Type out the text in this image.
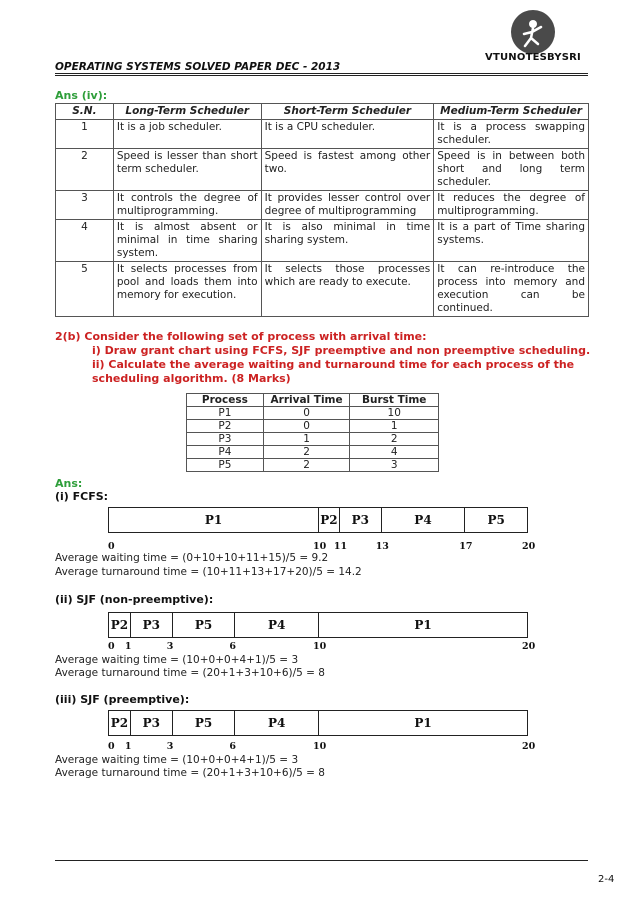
VTUNOTESBYSRI
OPERATING SYSTEMS SOLVED PAPER DEC - 2013
Ans (iv):
S.N.	Long-Term Scheduler	Short-Term Scheduler	Medium-Term Scheduler
1	It is a job scheduler.	It is a CPU scheduler.	It is a process swapping scheduler.
2	Speed is lesser than short term scheduler.	Speed is fastest among other two.	Speed is in between both short and long term scheduler.
3	It controls the degree of multiprogramming.	It provides lesser control over degree of multiprogramming	It reduces the degree of multiprogramming.
4	It is almost absent or minimal in time sharing system.	It is also minimal in time sharing system.	It is a part of Time sharing systems.
5	It selects processes from pool and loads them into memory for execution.	It selects those processes which are ready to execute.	It can re-introduce the process into memory and execution can be continued.
2(b) Consider the following set of process with arrival time:
i) Draw grant chart using FCFS, SJF preemptive and non preemptive scheduling.
ii) Calculate the average waiting and turnaround time for each process of the
scheduling algorithm. (8 Marks)
Process	Arrival Time	Burst Time
P1	0	10
P2	0	1
P3	1	2
P4	2	4
P5	2	3
Ans:
(i) FCFS:
P1	P2	P3	P4	P5
0	10 11	13	17	20
Average waiting time = (0+10+10+11+15)/5 = 9.2
Average turnaround time = (10+11+13+17+20)/5 = 14.2
(ii) SJF (non-preemptive):
P2	P3	P5	P4	P1
0 1	3	6	10	20
Average waiting time = (10+0+0+4+1)/5 = 3
Average turnaround time = (20+1+3+10+6)/5 = 8
(iii) SJF (preemptive):
P2	P3	P5	P4	P1
0 1	3	6	10	20
Average waiting time = (10+0+0+4+1)/5 = 3
Average turnaround time = (20+1+3+10+6)/5 = 8
2-4
